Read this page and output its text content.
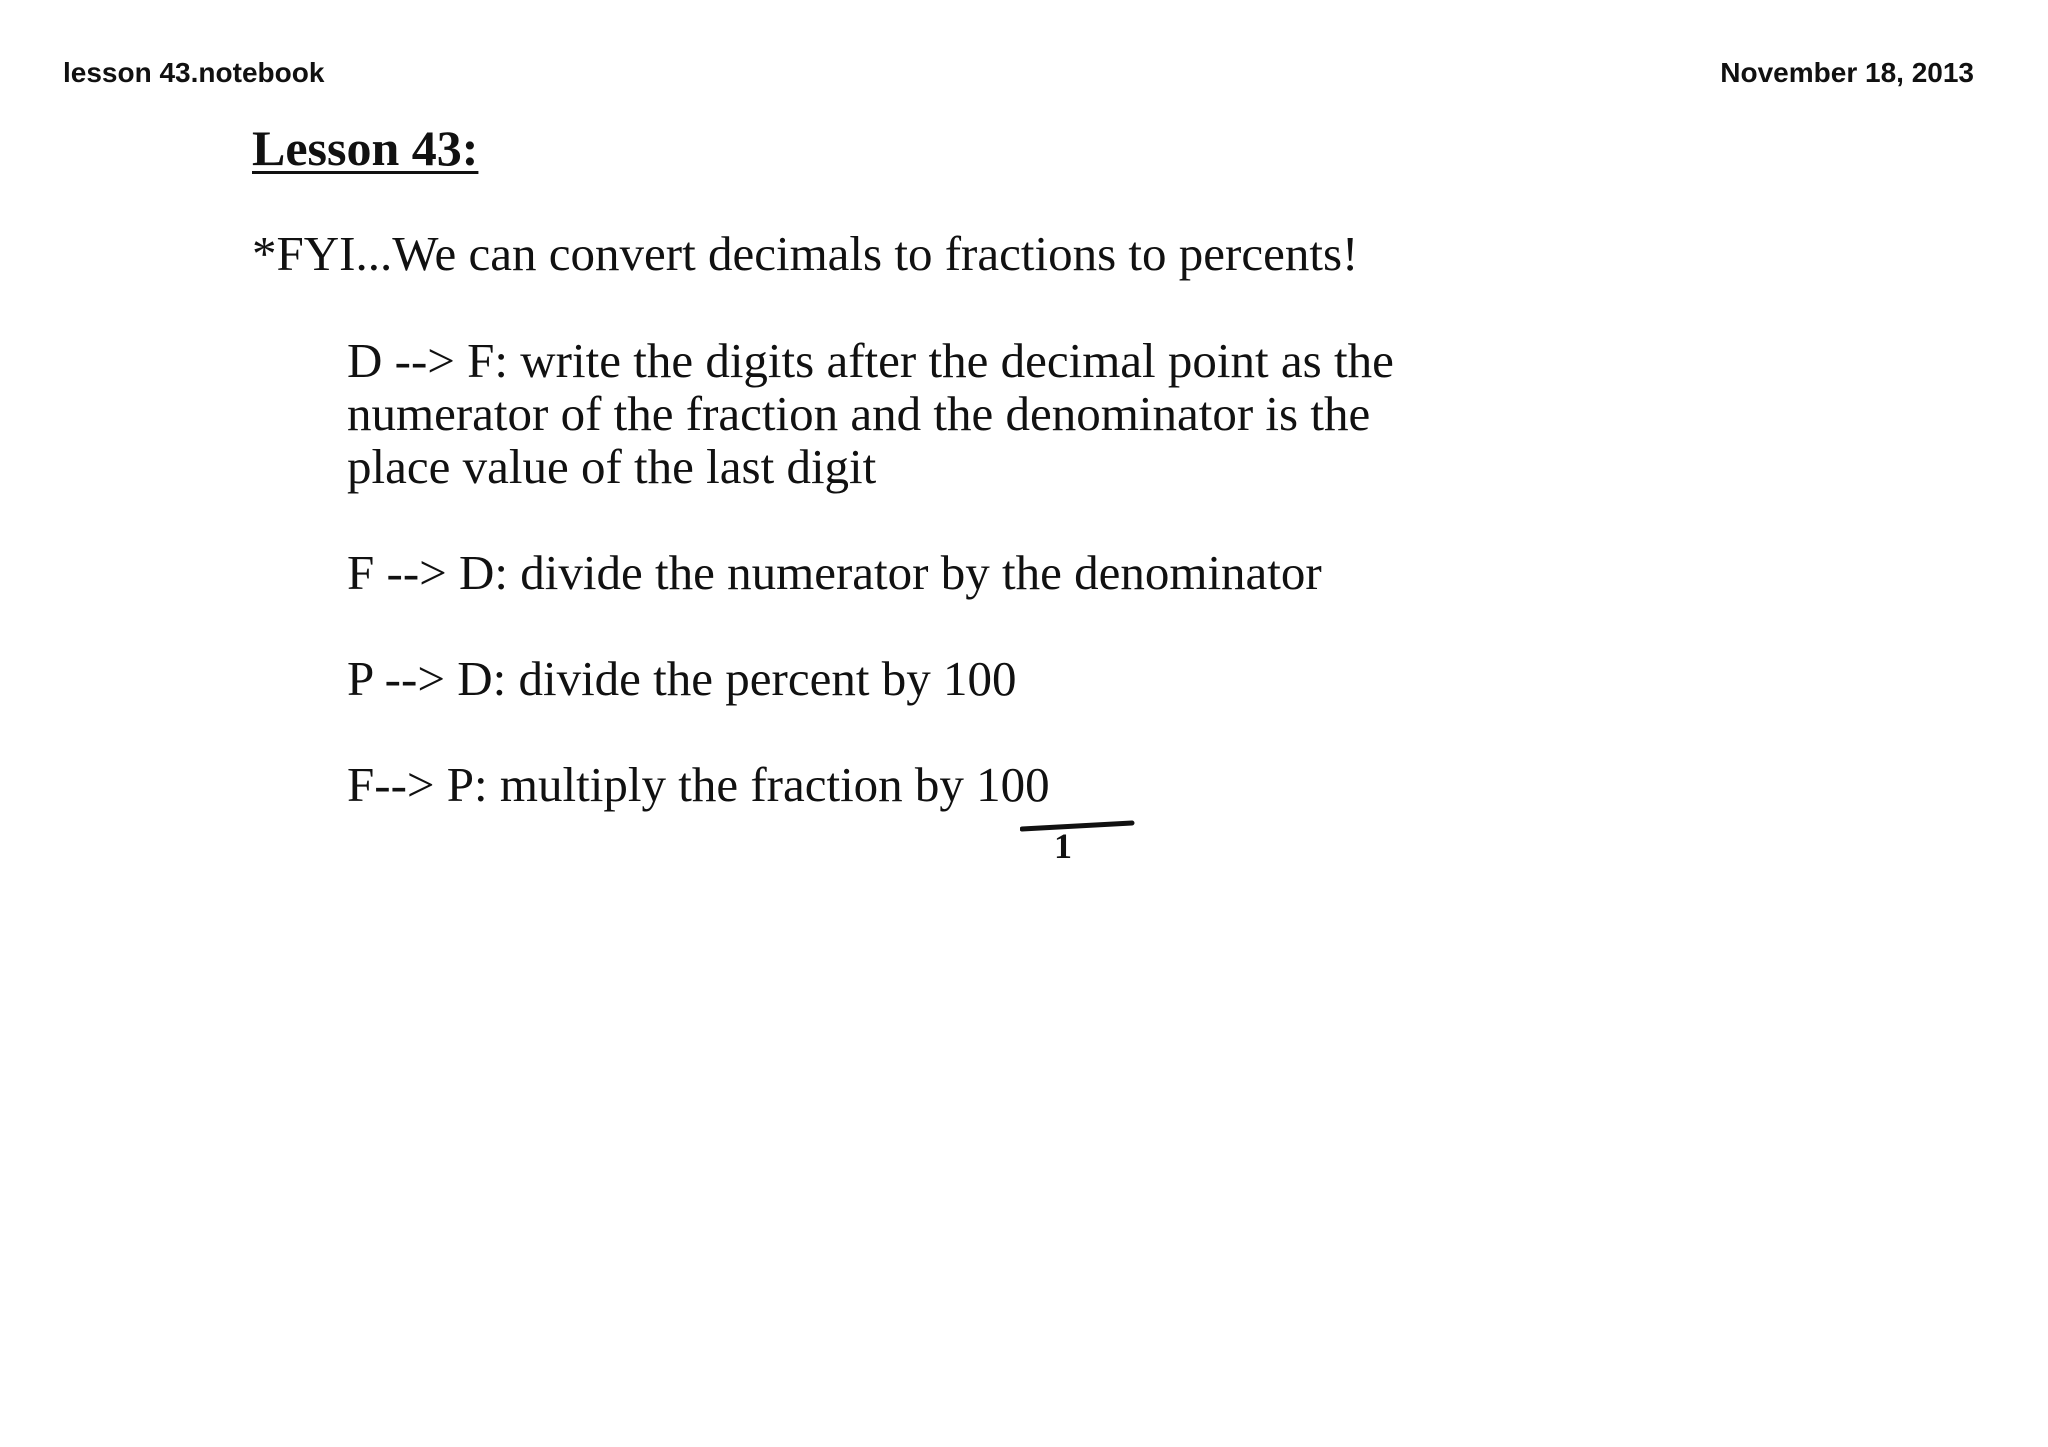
lesson 43.notebook	November 18, 2013
Lesson 43:
*FYI...We can convert decimals to fractions to percents!
D --> F: write the digits after the decimal point as the
numerator of the fraction and the denominator is the
place value of the last digit
F --> D: divide the numerator by the denominator
P --> D: divide the percent by 100
F--> P: multiply the fraction by 100
1
